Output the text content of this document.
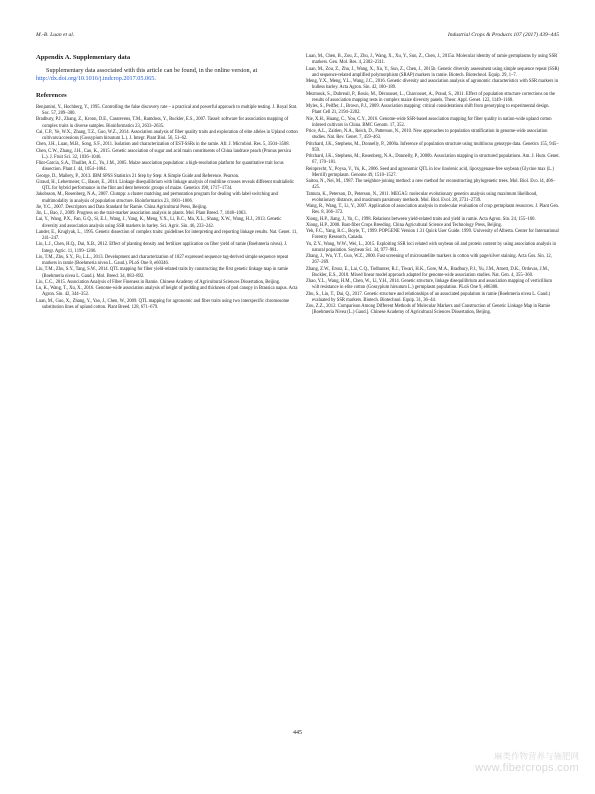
M.-B. Luan et al.	Industrial Crops & Products 107 (2017) 439–445
Appendix A. Supplementary data

Supplementary data associated with this article can be found, in the online version, at http://dx.doi.org/10.1016/j.indcrop.2017.05.065.

References

Benjamini, Y., Hochberg, Y., 1995. Controlling the false discovery rate – a practical and powerful approach to multiple testing. J. Royal Stat. Soc. 57, 289–300.

Bradbury, P.J., Zhang, Z., Kroon, D.E., Casstevens, T.M., Ramdoss, Y., Buckler, E.S., 2007. Tassel: software for association mapping of complex traits in diverse samples. Bioinformatics 23, 2633–2635.

Cai, C.P., Ye, W.X., Zhang, T.Z., Guo, W.Z., 2014. Association analysis of fiber quality traits and exploration of elite alleles in Upland cotton cultivars/accessions (Gossypium hirsutum L.). J. Integr. Plant Biol. 56, 51–62.

Chen, J.H., Luan, M.B., Song, S.F., 2011. Isolation and characterization of EST-SSRs in the ramie. Afr. J. Microbiol. Res. 5, 3504–3508.

Chen, C.W., Zhang, J.H., Cao, K., 2015. Genetic association of sugar and acid main constituents of China landrace peach (Prunus persica L.). J. Fruit Sci. 32, 1036–1046.

Flint-Garcia, S.A., Thuillet, A.C., Yu, J.M., 2005. Maize association population: a high-resolution platform for quantitative trait locus dissection. Plant J. 44, 1054–1064.

George, D., Mallery, P., 2013. IBM SPSS Statistics 21 Step by Step: A Simple Guide and Reference. Pearson.

Giraud, H., Lehermeier, C., Bauer, E., 2014. Linkage disequilibrium with linkage analysis of multiline crosses reveals different multiallelic QTL for hybrid performance in the flint and dent heterotic groups of maize. Genetics 198, 1717–1734.

Jakobsson, M., Rosenberg, N.A., 2007. Clumpp: a cluster matching and permutation program for dealing with label switching and multimodality in analysis of population structure. Bioinformatics 23, 1801–1806.

Jie, Y.C., 2007. Descriptors and Data Standard for Ramie. China Agricultural Press, Beijing.

Jin, L., Bao, J., 2009. Progress on the trait-marker association analysis in plants. Mol. Plant Breed. 7, 1048–1063.

Lai, Y., Wang, P.X., Fan, G.Q., Si, E.J., Wang, J., Yang, K., Meng, Y.X., Li, B.C., Ma, X.L., Shang, X.W., Wang, H.J., 2013. Genetic diversity and association analysis using SSR markers in barley. Sci. Agric. Sin. 46, 233–242.

Lander, E., Kruglyak, L., 1995. Genetic dissection of complex traits: guidelines for interpreting and reporting linkage results. Nat. Genet. 11, 241–247.

Liu, L.J., Chen, H.Q., Dai, X.B., 2012. Effect of planting density and fertilizer application on fiber yield of ramie (Boehmeria nivea). J. Integr. Agric. 11, 1199–1206.

Liu, T.M., Zhu, S.Y., Fu, L.L., 2013. Development and characterization of 1827 expressed sequence tag-derived simple sequence repeat markers in ramie (Boehmeria nivea L. Gaud.). PLoS One 8, e60346.

Liu, T.M., Zhu, S.Y., Tang, S.W., 2014. QTL mapping for fiber yield-related traits by constructing the first genetic linkage map in ramie (Boehmeria nivea L. Gaud.). Mol. Breed. 34, 883–892.

Liu, C.C., 2015. Association Analysis of Fiber Fineness in Ramie. Chinese Academy of Agricultural Sciences Dissertation, Beijing.

Lu, K., Wang, T., Xu, X., 2016. Genome-wide association analysis of height of podding and thickness of pod canopy in Brassica napus. Acta Agron. Sin. 42, 344–352.

Luan, M., Guo, X., Zhang, Y., Yao, J., Chen, W., 2009. QTL mapping for agronomic and fiber traits using two interspecific chromosome substitution lines of upland cotton. Plant Breed. 128, 671–679.

Luan, M., Chen, B., Zou, Z., Zhu, J., Wang, X., Xu, Y., Sun, Z., Chen, J., 2015a. Molecular identity of ramie germplasms by using SSR markers. Gen. Mol. Res. 4, 2302–2311.

Luan, M., Zou, Z., Zhu, J., Wang, X., Xu, Y., Sun, Z., Chen, J., 2015b. Genetic diversity assessment using simple sequence repeat (SSR) and sequence-related amplified polymorphism (SRAP) markers in ramie. Biotech. Biotechnol. Equip. 29, 1–7.

Meng, Y.X., Meng, Y.L., Wang, J.C., 2016. Genetic diversity and association analysis of agronomic characteristics with SSR markers in hulless barley. Acta Agron. Sin. 42, 180–189.

Mezmouk, S., Dubreuil, P., Bosio, M., Décousset, L., Charcosset, A., Praud, S., 2011. Effect of population structure corrections on the results of association mapping tests in complex maize diversity panels. Theor. Appl. Genet. 122, 1149–1160.

Myles, S., Peiffer, J., Brown, P.J., 2009. Association mapping: critical considerations shift from genotyping to experimental design. Plant Cell 21, 2194–2202.

Nie, X.H., Huang, C., You, C.Y., 2016. Genome-wide SSR-based association mapping for fiber quality in nation-wide upland cotton inbreed cultivars in China. BMC Genom. 17, 352.

Price, A.L., Zaitlen, N.A., Reich, D., Patterson, N., 2010. New approaches to population stratification in genome-wide association studies. Nat. Rev. Genet. 7, 459–463.

Pritchard, J.K., Stephens, M., Donnelly, P., 2000a. Inference of population structure using multilocus genotype data. Genetics 155, 945–959.

Pritchard, J.K., Stephens, M., Rosenberg, N.A., Donnelly, P., 2000b. Association mapping in structured populations. Am. J. Hum. Genet. 67, 170–181.

Reinprecht, Y., Poysa, V., Yu, K., 2006. Seed and agronomic QTL in low linolenic acid, lipoxygenase-free soybean (Glycine max (L.) Merrill) germplasm. Genome 49, 1510–1527.

Saitou, N., Nei, M., 1987. The neighbor-joining method: a new method for reconstructing phylogenetic trees. Mol. Biol. Evo. l4, 406–425.

Tamura, K., Peterson, D., Peterson, N., 2011. MEGA5: molecular evolutionary genetics analysis using maximum likelihood, evolutionary distance, and maximum parsimony methods. Mol. Biol. Evol. 28, 2731–2739.

Wang, R., Wang, T., Li, Y., 2007. Application of association analysis in molecular evaluation of crop germplasm resources. J. Plant Gen. Res. 8, 366–372.

Xiong, H.P., Jiang, J., Yu, C., 1998. Relations between yield-related traits and yield in ramie. Acta Agron. Sin. 24, 155–160.

Xiong, H.P., 2008. Bast-fiber Crops Breeding. China Agricultural Science and Technology Press, Beijing.

Yeh, F.C., Yang, R.C., Boyle, T., 1999. POPGENE Version 1.31 Quick User Guide. 1999. University of Alberta. Center for International Forestry Research, Canada.

Yu, Z.Y., Wang, W.W., Wei, L., 2015. Exploiting SSR loci related with soybean oil and protein content by using association analysis in natural population. Soybean Sci. 34, 977–981.

Zhang, J., Wu, Y.T., Guo, W.Z., 2000. Fast screening of microsatellite markers in cotton with page/silver staining. Acta Gos. Sin. 12, 267–269.

Zhang, Z.W., Ersoz, E., Lai, C.Q., Todhunter, R.J., Tiwari, H.K., Gore, M.A., Bradbury, P.J., Yu, J.M., Arnett, D.K., Ordovas, J.M., Buckler, E.S., 2010. Mixed linear model approach adapted for genome-wide association studies. Nat. Gen. 4, 355–360.

Zhao, Y.L., Wang, H.M., Chen, W., Li, Y.H., 2014. Genetic structure, linkage disequilibrium and association mapping of verticillium wilt resistance in elite cotton (Gossypium hirsutum L.) germplasm population. PLoS One 9, e86308.

Zhu, S., Liu, T., Dai, Q., 2017. Genetic structure and relationships of an associated population in ramie (Boehmeria nivea L. Gaud.) evaluated by SSR markers. Biotech. Biotechnol. Equip. 31, 36–44.

Zou, Z.Z., 2012. Comparison Among Different Methods of Molecular Markers and Construction of Genetic Linkage Map in Ramie [Boehmeria Nivea (L.) Gaud.]. Chinese Academy of Agricultural Sciences Dissertation, Beijing.

445
麻类作物营养与施肥网
www.fibercrops.com
